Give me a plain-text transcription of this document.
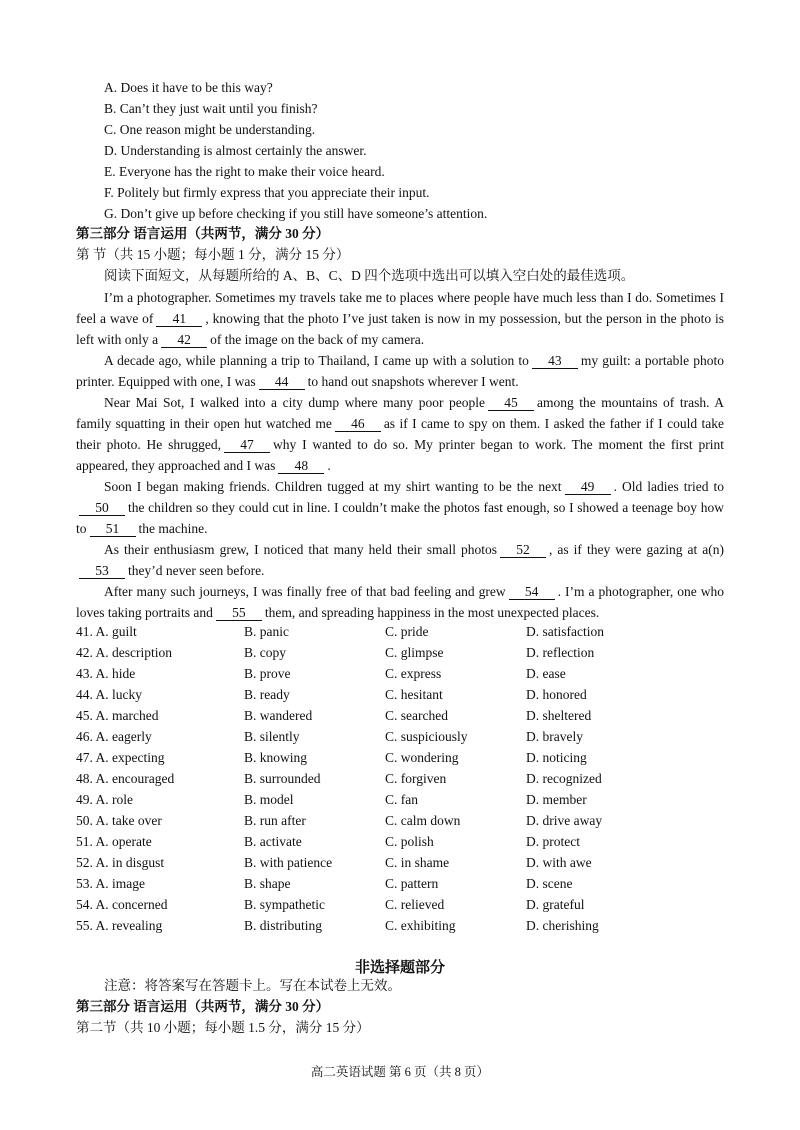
A. Does it have to be this way?
B. Can’t they just wait until you finish?
C. One reason might be understanding.
D. Understanding is almost certainly the answer.
E. Everyone has the right to make their voice heard.
F. Politely but firmly express that you appreciate their input.
G. Don’t give up before checking if you still have someone’s attention.
第三部分 语言运用（共两节，满分 30 分）
第 节（共 15 小题；每小题 1 分，满分 15 分）
阅读下面短文，从每题所给的 A、B、C、D 四个选项中选出可以填入空白处的最佳选项。

I’m a photographer. Sometimes my travels take me to places where people have much less than I do. Sometimes I feel a wave of 41 , knowing that the photo I’ve just taken is now in my possession, but the person in the photo is left with only a 42 of the image on the back of my camera.

A decade ago, while planning a trip to Thailand, I came up with a solution to 43 my guilt: a portable photo printer. Equipped with one, I was 44 to hand out snapshots wherever I went.

Near Mai Sot, I walked into a city dump where many poor people 45 among the mountains of trash. A family squatting in their open hut watched me 46 as if I came to spy on them. I asked the father if I could take their photo. He shrugged, 47 why I wanted to do so. My printer began to work. The moment the first print appeared, they approached and I was 48 .

Soon I began making friends. Children tugged at my shirt wanting to be the next 49 . Old ladies tried to50 the children so they could cut in line. I couldn’t make the photos fast enough, so I showed a teenage boy how to 51 the machine.

As their enthusiasm grew, I noticed that many held their small photos 52 , as if they were gazing at a(n)53 they’d never seen before.

After many such journeys, I was finally free of that bad feeling and grew 54 . I’m a photographer, one who loves taking portraits and 55 them, and spreading happiness in the most unexpected places.

41. A. guilt	B. panic	C. pride	D. satisfaction
42. A. description	B. copy	C. glimpse	D. reflection
43. A. hide	B. prove	C. express	D. ease
44. A. lucky	B. ready	C. hesitant	D. honored
45. A. marched	B. wandered	C. searched	D. sheltered
46. A. eagerly	B. silently	C. suspiciously	D. bravely
47. A. expecting	B. knowing	C. wondering	D. noticing
48. A. encouraged	B. surrounded	C. forgiven	D. recognized
49. A. role	B. model	C. fan	D. member
50. A. take over	B. run after	C. calm down	D. drive away
51. A. operate	B. activate	C. polish	D. protect
52. A. in disgust	B. with patience	C. in shame	D. with awe
53. A. image	B. shape	C. pattern	D. scene
54. A. concerned	B. sympathetic	C. relieved	D. grateful
55. A. revealing	B. distributing	C. exhibiting	D. cherishing
非选择题部分
注意：将答案写在答题卡上。写在本试卷上无效。
第三部分 语言运用（共两节，满分 30 分）
第二节（共 10 小题；每小题 1.5 分，满分 15 分）
高二英语试题 第 6 页（共 8 页）
